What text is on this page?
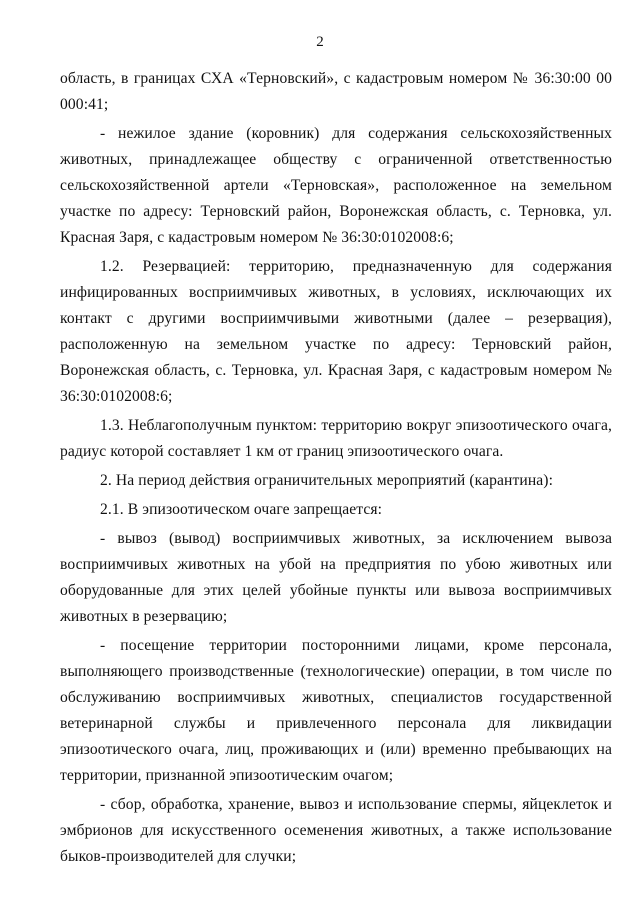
2

область, в границах СХА «Терновский», с кадастровым номером № 36:30:00 00 000:41;

- нежилое здание (коровник) для содержания сельскохозяйственных животных, принадлежащее обществу с ограниченной ответственностью сельскохозяйственной артели «Терновская», расположенное на земельном участке по адресу: Терновский район, Воронежская область, с. Терновка, ул. Красная Заря, с кадастровым номером № 36:30:0102008:6;

1.2. Резервацией: территорию, предназначенную для содержания инфицированных восприимчивых животных, в условиях, исключающих их контакт с другими восприимчивыми животными (далее – резервация), расположенную на земельном участке по адресу: Терновский район, Воронежская область, с. Терновка, ул. Красная Заря, с кадастровым номером № 36:30:0102008:6;

1.3. Неблагополучным пунктом: территорию вокруг эпизоотического очага, радиус которой составляет 1 км от границ эпизоотического очага.

2. На период действия ограничительных мероприятий (карантина):

2.1. В эпизоотическом очаге запрещается:

- вывоз (вывод) восприимчивых животных, за исключением вывоза восприимчивых животных на убой на предприятия по убою животных или оборудованные для этих целей убойные пункты или вывоза восприимчивых животных в резервацию;

- посещение территории посторонними лицами, кроме персонала, выполняющего производственные (технологические) операции, в том числе по обслуживанию восприимчивых животных, специалистов государственной ветеринарной службы и привлеченного персонала для ликвидации эпизоотического очага, лиц, проживающих и (или) временно пребывающих на территории, признанной эпизоотическим очагом;

- сбор, обработка, хранение, вывоз и использование спермы, яйцеклеток и эмбрионов для искусственного осеменения животных, а также использование быков-производителей для случки;
